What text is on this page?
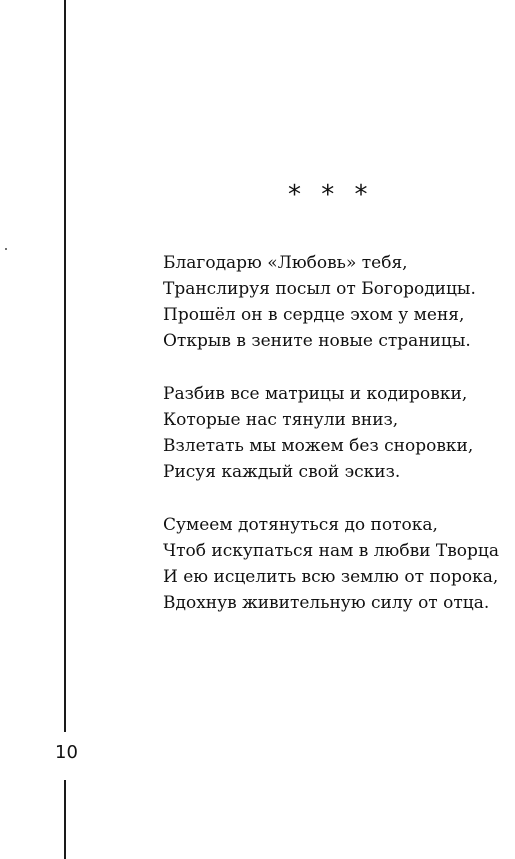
* * *
Благодарю «Любовь» тебя,
Транслируя посыл от Богородицы.
Прошёл он в сердце эхом у меня,
Открыв в зените новые страницы.
Разбив все матрицы и кодировки,
Которые нас тянули вниз,
Взлетать мы можем без сноровки,
Рисуя каждый свой эскиз.
Сумеем дотянуться до потока,
Чтоб искупаться нам в любви Творца
И ею исцелить всю землю от порока,
Вдохнув живительную силу от отца.
10
